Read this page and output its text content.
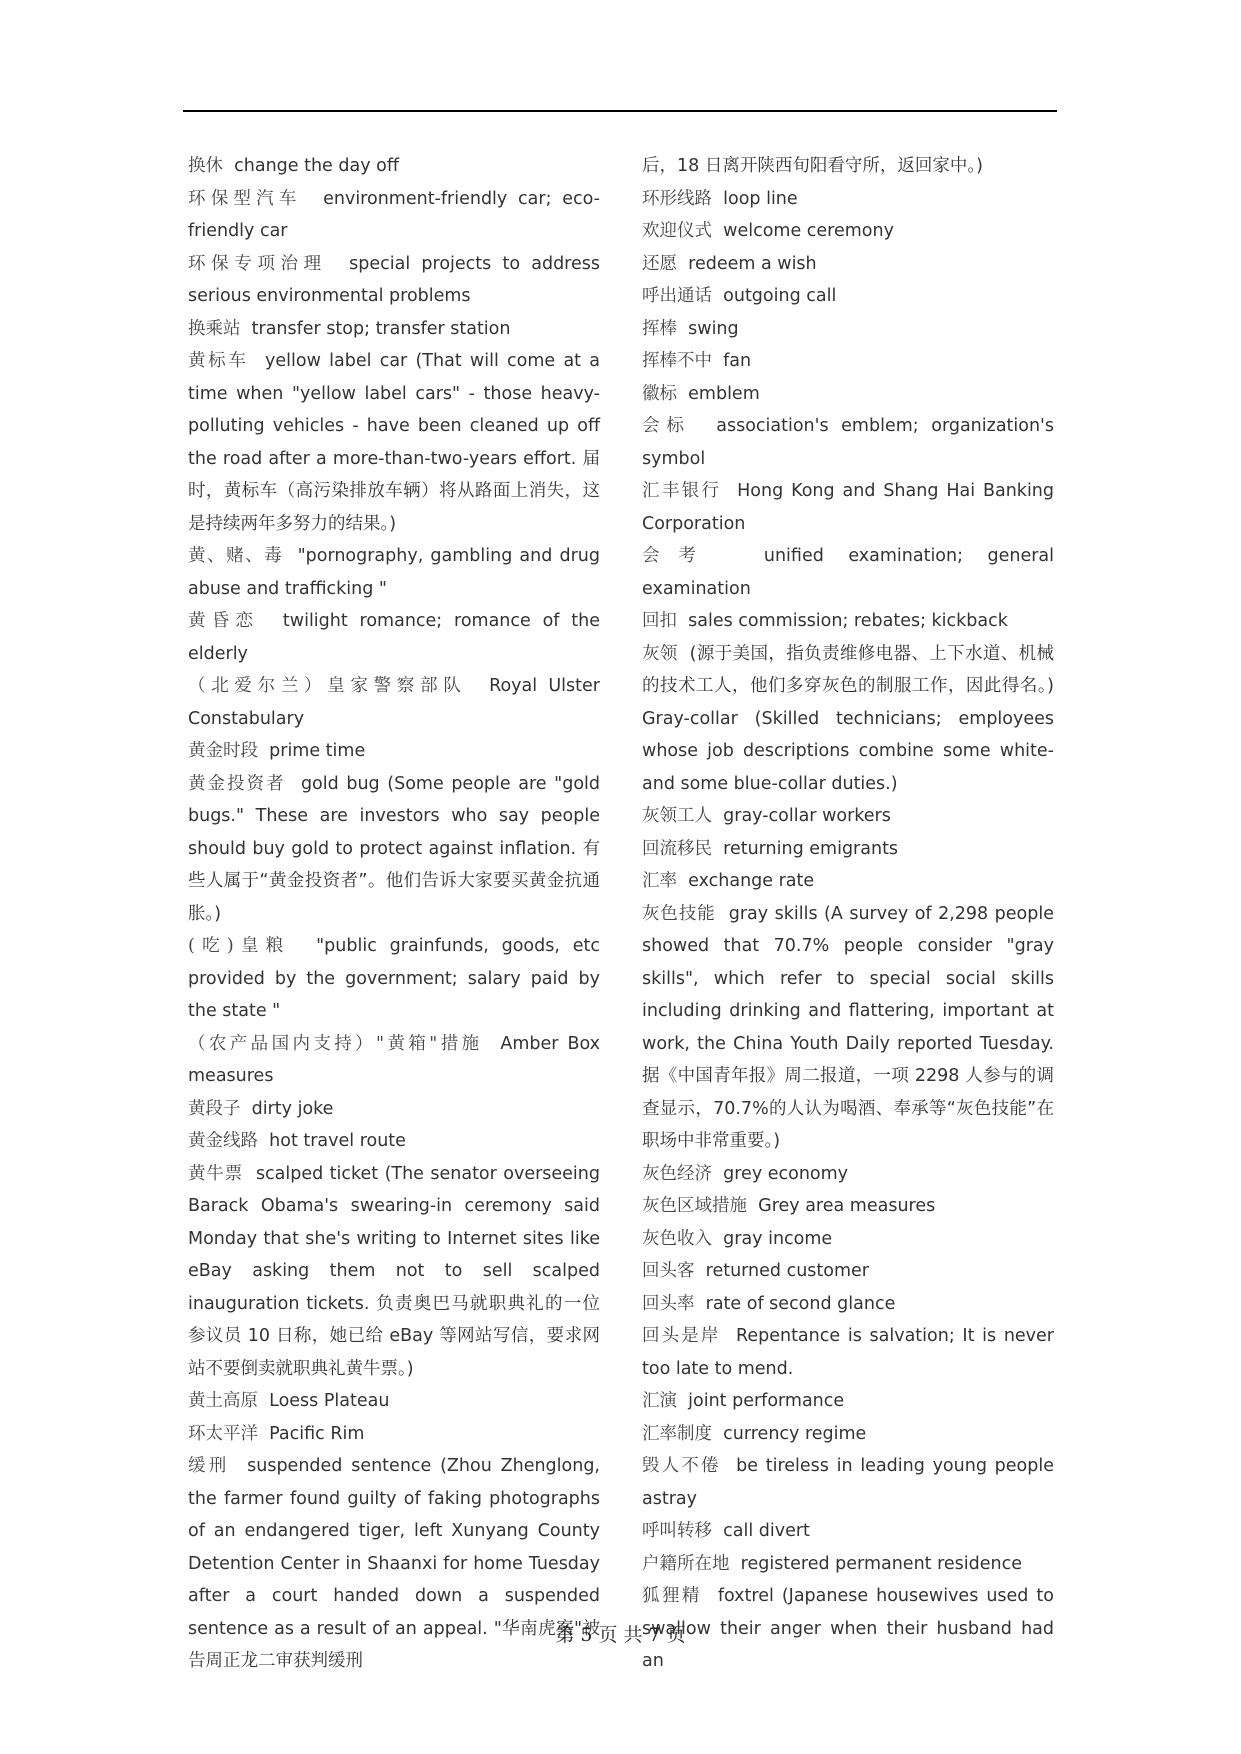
换休 change the day off

环保型汽车 environment-friendly car; eco-friendly car

环保专项治理 special projects to address serious environmental problems

换乘站 transfer stop; transfer station

黄标车 yellow label car (That will come at a time when "yellow label cars" - those heavy-polluting vehicles - have been cleaned up off the road after a more-than-two-years effort. 届时，黄标车（高污染排放车辆）将从路面上消失，这是持续两年多努力的结果。)

黄、赌、毒 "pornography, gambling and drug abuse and trafficking "

黄昏恋 twilight romance; romance of the elderly

（北爱尔兰）皇家警察部队 Royal Ulster Constabulary

黄金时段 prime time

黄金投资者 gold bug (Some people are "gold bugs." These are investors who say people should buy gold to protect against inflation. 有些人属于“黄金投资者”。他们告诉大家要买黄金抗通胀。)

(吃)皇粮 "public grainfunds, goods, etc provided by the government; salary paid by the state "

（农产品国内支持）"黄箱"措施 Amber Box measures

黄段子 dirty joke

黄金线路 hot travel route

黄牛票 scalped ticket (The senator overseeing Barack Obama's swearing-in ceremony said Monday that she's writing to Internet sites like eBay asking them not to sell scalped inauguration tickets. 负责奥巴马就职典礼的一位参议员 10 日称，她已给 eBay 等网站写信，要求网站不要倒卖就职典礼黄牛票。)

黄土高原 Loess Plateau

环太平洋 Pacific Rim

缓刑 suspended sentence (Zhou Zhenglong, the farmer found guilty of faking photographs of an endangered tiger, left Xunyang County Detention Center in Shaanxi for home Tuesday after a court handed down a suspended sentence as a result of an appeal. "华南虎案"被告周正龙二审获判缓刑

后，18 日离开陕西旬阳看守所，返回家中。)

环形线路 loop line

欢迎仪式 welcome ceremony

还愿 redeem a wish

呼出通话 outgoing call

挥棒 swing

挥棒不中 fan

徽标 emblem

会标 association's emblem; organization's symbol

汇丰银行 Hong Kong and Shang Hai Banking Corporation

会考	unified examination; general examination

回扣 sales commission; rebates; kickback

灰领 (源于美国，指负责维修电器、上下水道、机械的技术工人，他们多穿灰色的制服工作，因此得名。) Gray-collar (Skilled technicians; employees whose job descriptions combine some white- and some blue-collar duties.)

灰领工人 gray-collar workers

回流移民 returning emigrants

汇率 exchange rate

灰色技能 gray skills (A survey of 2,298 people showed that 70.7% people consider "gray skills", which refer to special social skills including drinking and flattering, important at work, the China Youth Daily reported Tuesday. 据《中国青年报》周二报道，一项 2298 人参与的调查显示，70.7%的人认为喝酒、奉承等“灰色技能”在职场中非常重要。)

灰色经济 grey economy

灰色区域措施 Grey area measures

灰色收入 gray income

回头客 returned customer

回头率 rate of second glance

回头是岸 Repentance is salvation; It is never too late to mend.

汇演 joint performance

汇率制度 currency regime

毁人不倦 be tireless in leading young people astray

呼叫转移 call divert

户籍所在地 registered permanent residence

狐狸精 foxtrel (Japanese housewives used to swallow their anger when their husband had an

第 5 页 共 7 页
